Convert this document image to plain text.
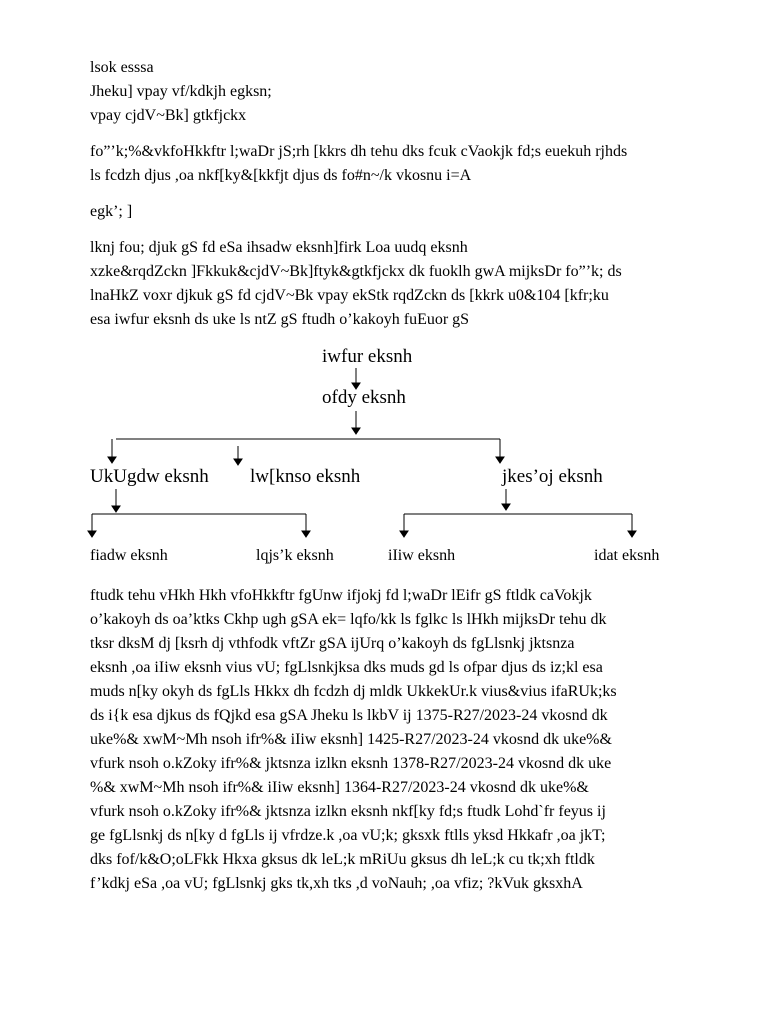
lsok esssa
Jheku] vpay vf/kdkjh egksn;
vpay cjdV~Bk] gtkfjckx
fo”’k;%&vkfoHkkftr l;waDr jS;rh [kkrs dh tehu dks fcuk cVaokjk fd;s euekuh rjhds
ls fcdzh djus ,oa nkf[ky&[kkfjt djus ds fo#n~/k vkosnu i=A
egk’; ]
lknj fou; djuk gS fd eSa ihsadw eksnh]firk Loa uudq eksnh
xzke&rqdZckn ]Fkkuk&cjdV~Bk]ftyk&gtkfjckx dk fuoklh gwA mijksDr fo”’k; ds
lnaHkZ voxr djkuk gS fd cjdV~Bk vpay ekStk rqdZckn ds [kkrk u0&104 [kfr;ku
esa iwfur eksnh ds uke ls ntZ gS ftudh o’kakoyh fuEuor gS
iwfur eksnh
ofdy eksnh
UkUgdw eksnh lw[knso eksnh	jkes’oj eksnh
fiadw eksnh	lqjs’k eksnh	iIiw eksnh	idat eksnh
ftudk tehu vHkh Hkh vfoHkkftr fgUnw ifjokj fd l;waDr lEifr gS ftldk caVokjk
o’kakoyh ds oa’ktks Ckhp ugh gSA ek= lqfo/kk ls fglkc ls lHkh mijksDr tehu dk
tksr dksM dj [ksrh dj vthfodk vftZr gSA ijUrq o’kakoyh ds fgLlsnkj jktsnza
eksnh ,oa iIiw eksnh vius vU; fgLlsnkjksa dks muds gd ls ofpar djus ds iz;kl esa
muds n[ky okyh ds fgLls Hkkx dh fcdzh dj mldk UkkekUr.k vius&vius ifaRUk;ks
ds i{k esa djkus ds fQjkd esa gSA Jheku ls lkbV ij 1375-R27/2023-24 vkosnd dk
uke%& xwM~Mh nsoh ifr%& iIiw eksnh] 1425-R27/2023-24 vkosnd dk uke%&
vfurk nsoh o.kZoky ifr%& jktsnza izlkn eksnh 1378-R27/2023-24 vkosnd dk uke
%& xwM~Mh nsoh ifr%& iIiw eksnh] 1364-R27/2023-24 vkosnd dk uke%&
vfurk nsoh o.kZoky ifr%& jktsnza izlkn eksnh nkf[ky fd;s ftudk Lohd`fr feyus ij
ge fgLlsnkj ds n[ky d fgLls ij vfrdze.k ,oa vU;k; gksxk ftlls yksd Hkkafr ,oa jkT;
dks fof/k&O;oLFkk Hkxa gksus dk leL;k mRiUu gksus dh leL;k cu tk;xh ftldk
f’kdkj eSa ,oa vU; fgLlsnkj gks tk,xh tks ,d voNauh; ,oa vfiz; ?kVuk gksxhA
